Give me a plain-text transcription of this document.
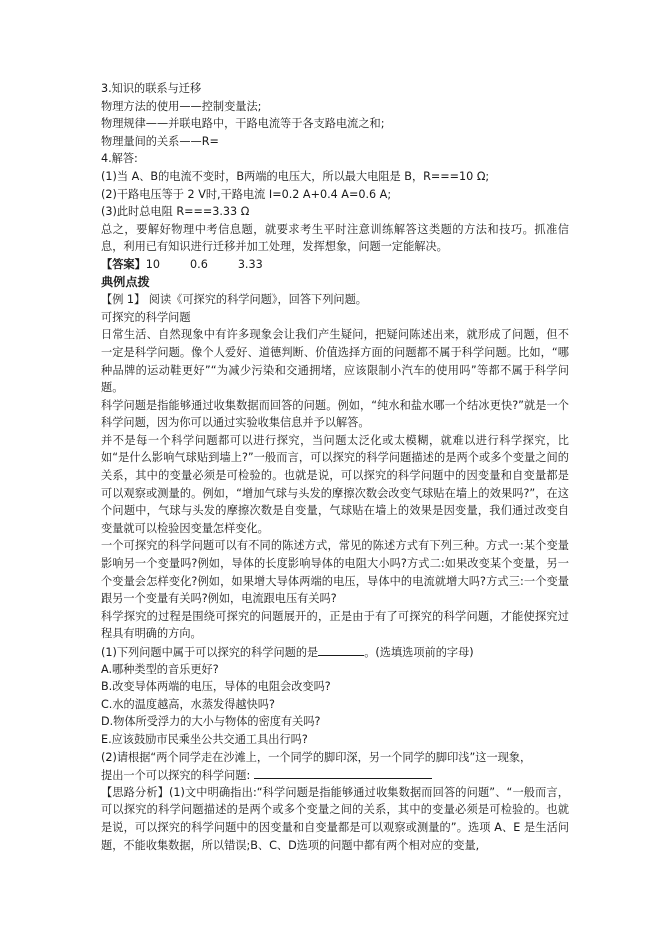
3.知识的联系与迁移
物理方法的使用——控制变量法;
物理规律——并联电路中，干路电流等于各支路电流之和;
物理量间的关系——R=
4.解答:
(1)当 A、B的电流不变时，B两端的电压大，所以最大电阻是 B，R===10 Ω;
(2)干路电压等于 2 V时,干路电流 I=0.2 A+0.4 A=0.6 A;
(3)此时总电阻 R===3.33 Ω
总之，要解好物理中考信息题，就要求考生平时注意训练解答这类题的方法和技巧。抓准信息，利用已有知识进行迁移并加工处理，发挥想象，问题一定能解决。
【答案】10	0.6	3.33
典例点拨
【例 1】 阅读《可探究的科学问题》，回答下列问题。
可探究的科学问题
日常生活、自然现象中有许多现象会让我们产生疑问，把疑问陈述出来，就形成了问题，但不一定是科学问题。像个人爱好、道德判断、价值选择方面的问题都不属于科学问题。比如，“哪种品牌的运动鞋更好”“为减少污染和交通拥堵，应该限制小汽车的使用吗”等都不属于科学问题。
科学问题是指能够通过收集数据而回答的问题。例如，“纯水和盐水哪一个结冰更快?”就是一个科学问题，因为你可以通过实验收集信息并予以解答。
并不是每一个科学问题都可以进行探究，当问题太泛化或太模糊，就难以进行科学探究，比如“是什么影响气球贴到墙上?”一般而言，可以探究的科学问题描述的是两个或多个变量之间的关系，其中的变量必须是可检验的。也就是说，可以探究的科学问题中的因变量和自变量都是可以观察或测量的。例如，“增加气球与头发的摩擦次数会改变气球贴在墙上的效果吗?”，在这个问题中，气球与头发的摩擦次数是自变量，气球贴在墙上的效果是因变量，我们通过改变自变量就可以检验因变量怎样变化。
一个可探究的科学问题可以有不同的陈述方式，常见的陈述方式有下列三种。方式一:某个变量影响另一个变量吗?例如，导体的长度影响导体的电阻大小吗?方式二:如果改变某个变量，另一个变量会怎样变化?例如，如果增大导体两端的电压，导体中的电流就增大吗?方式三:一个变量跟另一个变量有关吗?例如，电流跟电压有关吗?
科学探究的过程是围绕可探究的问题展开的，正是由于有了可探究的科学问题，才能使探究过程具有明确的方向。
(1)下列问题中属于可以探究的科学问题的是	。(选填选项前的字母)
A.哪种类型的音乐更好?
B.改变导体两端的电压，导体的电阻会改变吗?
C.水的温度越高，水蒸发得越快吗?
D.物体所受浮力的大小与物体的密度有关吗?
E.应该鼓励市民乘坐公共交通工具出行吗?
(2)请根据“两个同学走在沙滩上，一个同学的脚印深，另一个同学的脚印浅”这一现象，
提出一个可以探究的科学问题:
【思路分析】(1)文中明确指出:“科学问题是指能够通过收集数据而回答的问题”、“一般而言，可以探究的科学问题描述的是两个或多个变量之间的关系，其中的变量必须是可检验的。也就是说，可以探究的科学问题中的因变量和自变量都是可以观察或测量的”。选项 A、E 是生活问题，不能收集数据，所以错误;B、C、D选项的问题中都有两个相对应的变量,
